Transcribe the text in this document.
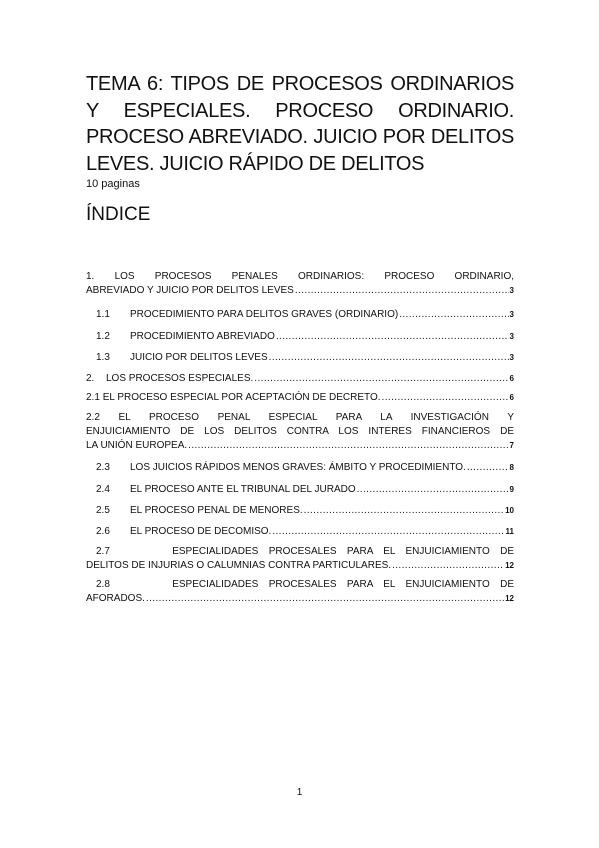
TEMA 6: TIPOS DE PROCESOS ORDINARIOS Y ESPECIALES. PROCESO ORDINARIO. PROCESO ABREVIADO. JUICIO POR DELITOS LEVES. JUICIO RÁPIDO DE DELITOS
10 paginas
ÍNDICE
1. LOS PROCESOS PENALES ORDINARIOS: PROCESO ORDINARIO,
ABREVIADO Y JUICIO POR DELITOS LEVES .....	3
1.1	PROCEDIMIENTO PARA DELITOS GRAVES (ORDINARIO) .....	3
1.2	PROCEDIMIENTO ABREVIADO .....	3
1.3	JUICIO POR DELITOS LEVES .....	3
2.	LOS PROCESOS ESPECIALES. .....	6
2.1
EL PROCESO ESPECIAL POR ACEPTACIÓN DE DECRETO. .....	6
2.2 EL PROCESO PENAL ESPECIAL PARA LA INVESTIGACIÓN Y
ENJUICIAMIENTO DE LOS DELITOS CONTRA LOS INTERES FINANCIEROS DE
LA UNIÓN EUROPEA. .....	7
2.3	LOS JUICIOS RÁPIDOS MENOS GRAVES: ÁMBITO Y PROCEDIMIENTO. .....	8
2.4	EL PROCESO ANTE EL TRIBUNAL DEL JURADO .....	9
2.5	EL PROCESO PENAL DE MENORES. .....	10
2.6	EL PROCESO DE DECOMISO. .....	11
2.7	ESPECIALIDADES PROCESALES PARA EL ENJUICIAMIENTO DE
DELITOS DE INJURIAS O CALUMNIAS CONTRA PARTICULARES. .....	12
2.8	ESPECIALIDADES PROCESALES PARA EL ENJUICIAMIENTO DE
AFORADOS. .....	12
1
